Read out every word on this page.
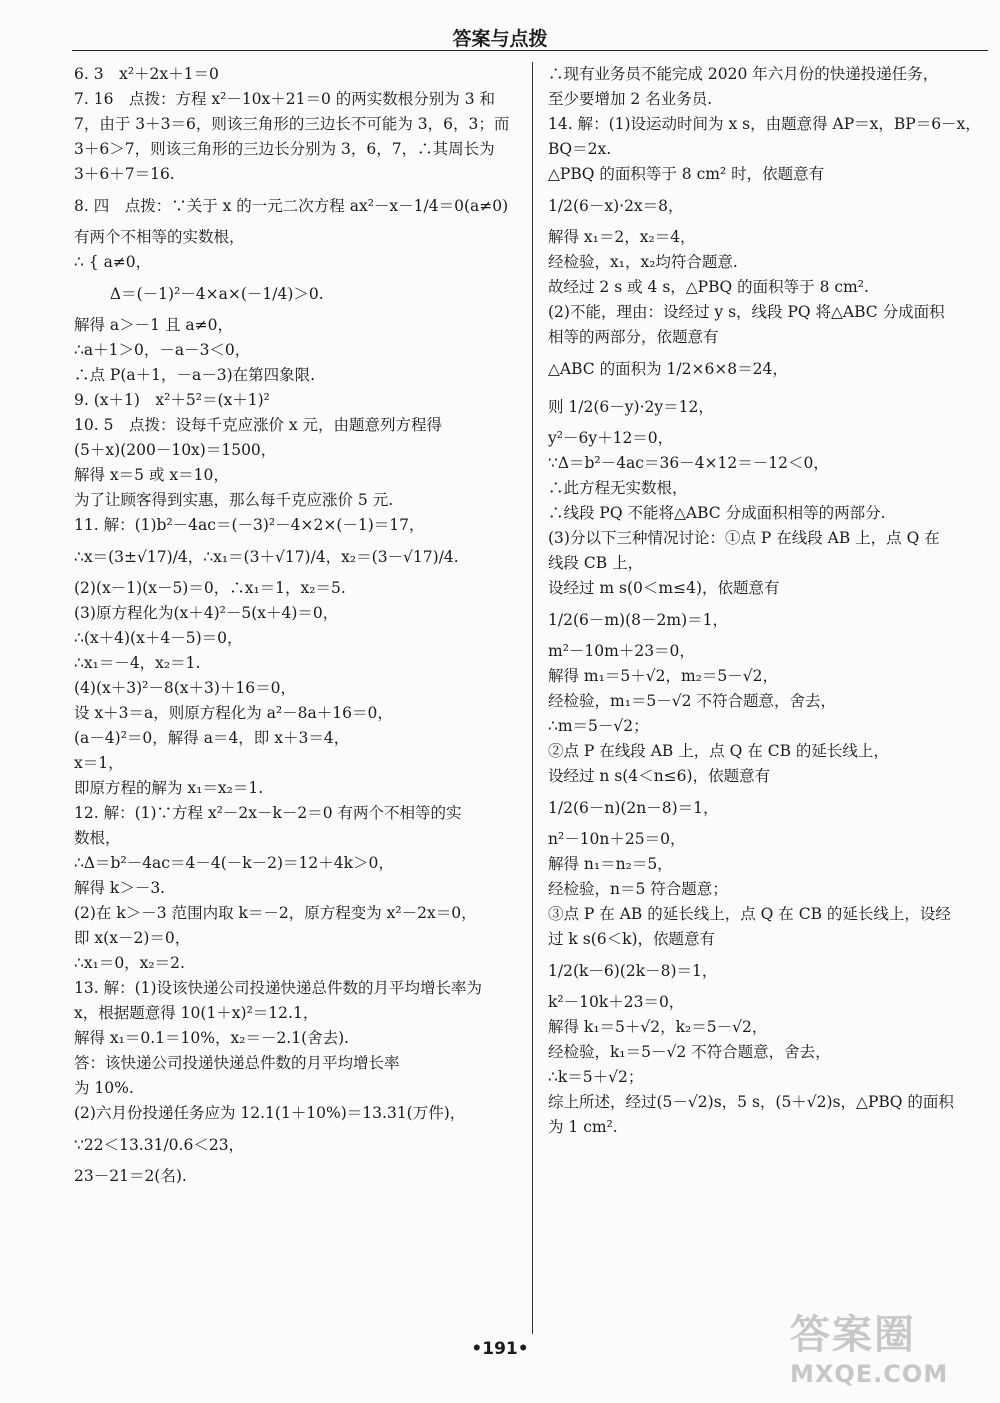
答案与点拨
6. 3　x²＋2x＋1＝0
7. 16　点拨：方程 x²－10x＋21＝0 的两实数根分别为 3 和
7，由于 3＋3＝6，则该三角形的三边长不可能为 3，6，3；而
3＋6＞7，则该三角形的三边长分别为 3，6，7，∴其周长为
3＋6＋7＝16.
8. 四　点拨：∵关于 x 的一元二次方程 ax²－x－1/4＝0(a≠0)
有两个不相等的实数根，
∴ { a≠0，
　　 Δ＝(－1)²－4×a×(－1/4)＞0.
解得 a＞－1 且 a≠0，
∴a＋1＞0，－a－3＜0，
∴点 P(a＋1，－a－3)在第四象限.
9. (x＋1)　x²＋5²＝(x＋1)²
10. 5　点拨：设每千克应涨价 x 元，由题意列方程得
(5＋x)(200－10x)＝1500，
解得 x＝5 或 x＝10，
为了让顾客得到实惠，那么每千克应涨价 5 元.
11. 解：(1)b²－4ac＝(－3)²－4×2×(－1)＝17，
∴x＝(3±√17)/4，∴x₁＝(3＋√17)/4，x₂＝(3－√17)/4.
(2)(x－1)(x－5)＝0，∴x₁＝1，x₂＝5.
(3)原方程化为(x＋4)²－5(x＋4)＝0，
∴(x＋4)(x＋4－5)＝0，
∴x₁＝－4，x₂＝1.
(4)(x＋3)²－8(x＋3)＋16＝0，
设 x＋3＝a，则原方程化为 a²－8a＋16＝0，
(a－4)²＝0，解得 a＝4，即 x＋3＝4，
x＝1，
即原方程的解为 x₁＝x₂＝1.
12. 解：(1)∵方程 x²－2x－k－2＝0 有两个不相等的实
数根，
∴Δ＝b²－4ac＝4－4(－k－2)＝12＋4k＞0，
解得 k＞－3.
(2)在 k＞－3 范围内取 k＝－2，原方程变为 x²－2x＝0，
即 x(x－2)＝0，
∴x₁＝0，x₂＝2.
13. 解：(1)设该快递公司投递快递总件数的月平均增长率为
x，根据题意得 10(1＋x)²＝12.1，
解得 x₁＝0.1＝10%，x₂＝－2.1(舍去).
答：该快递公司投递快递总件数的月平均增长率
为 10%.
(2)六月份投递任务应为 12.1(1＋10%)＝13.31(万件)，
∵22＜13.31/0.6＜23，
23－21＝2(名).
∴现有业务员不能完成 2020 年六月份的快递投递任务，
至少要增加 2 名业务员.
14. 解：(1)设运动时间为 x s，由题意得 AP＝x，BP＝6－x，
BQ＝2x.
△PBQ 的面积等于 8 cm² 时，依题意有
1/2(6－x)·2x＝8，
解得 x₁＝2，x₂＝4，
经检验，x₁，x₂均符合题意.
故经过 2 s 或 4 s，△PBQ 的面积等于 8 cm².
(2)不能，理由：设经过 y s，线段 PQ 将△ABC 分成面积
相等的两部分，依题意有
△ABC 的面积为 1/2×6×8＝24，
则 1/2(6－y)·2y＝12，
y²－6y＋12＝0，
∵Δ＝b²－4ac＝36－4×12＝－12＜0，
∴此方程无实数根，
∴线段 PQ 不能将△ABC 分成面积相等的两部分.
(3)分以下三种情况讨论：①点 P 在线段 AB 上，点 Q 在
线段 CB 上，
设经过 m s(0＜m≤4)，依题意有
1/2(6－m)(8－2m)＝1，
m²－10m＋23＝0，
解得 m₁＝5＋√2，m₂＝5－√2，
经检验，m₁＝5－√2 不符合题意，舍去，
∴m＝5－√2；
②点 P 在线段 AB 上，点 Q 在 CB 的延长线上，
设经过 n s(4＜n≤6)，依题意有
1/2(6－n)(2n－8)＝1，
n²－10n＋25＝0，
解得 n₁＝n₂＝5，
经检验，n＝5 符合题意；
③点 P 在 AB 的延长线上，点 Q 在 CB 的延长线上，设经
过 k s(6＜k)，依题意有
1/2(k－6)(2k－8)＝1，
k²－10k＋23＝0，
解得 k₁＝5＋√2，k₂＝5－√2，
经检验，k₁＝5－√2 不符合题意，舍去，
∴k＝5＋√2；
综上所述，经过(5－√2)s，5 s，(5＋√2)s，△PBQ 的面积
为 1 cm².
•191•	答案圈
MXQE.COM
